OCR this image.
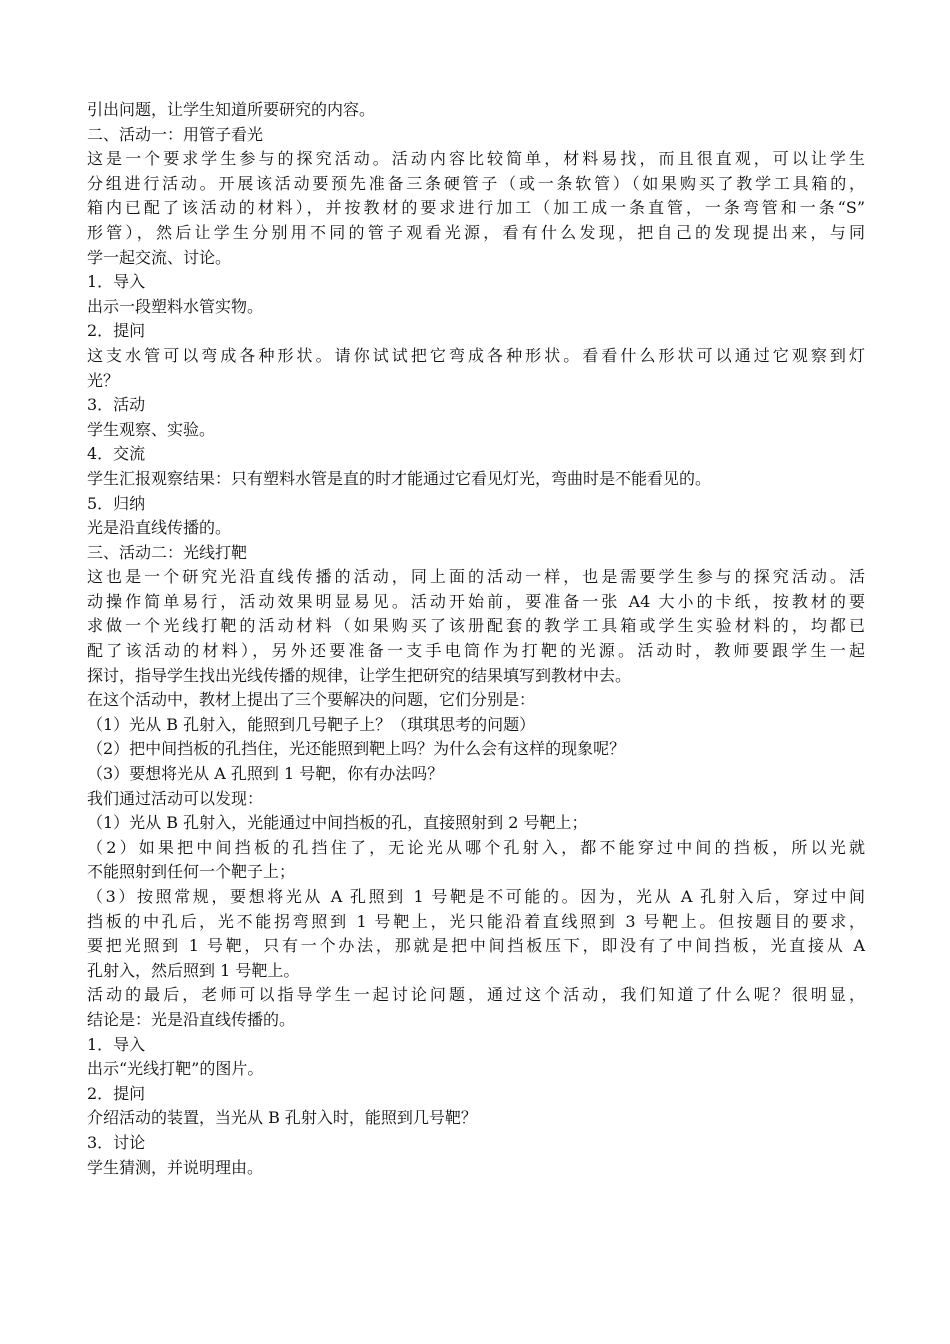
引出问题，让学生知道所要研究的内容。
二、活动一：用管子看光
这是一个要求学生参与的探究活动。活动内容比较简单，材料易找，而且很直观，可以让学生
分组进行活动。开展该活动要预先准备三条硬管子（或一条软管）（如果购买了教学工具箱的，
箱内已配了该活动的材料），并按教材的要求进行加工（加工成一条直管，一条弯管和一条“S”
形管），然后让学生分别用不同的管子观看光源，看有什么发现，把自己的发现提出来，与同
学一起交流、讨论。
1．导入
出示一段塑料水管实物。
2．提问
这支水管可以弯成各种形状。请你试试把它弯成各种形状。看看什么形状可以通过它观察到灯
光？
3．活动
学生观察、实验。
4．交流
学生汇报观察结果：只有塑料水管是直的时才能通过它看见灯光，弯曲时是不能看见的。
5．归纳
光是沿直线传播的。
三、活动二：光线打靶
这也是一个研究光沿直线传播的活动，同上面的活动一样，也是需要学生参与的探究活动。活
动操作简单易行，活动效果明显易见。活动开始前，要准备一张 A4 大小的卡纸，按教材的要
求做一个光线打靶的活动材料（如果购买了该册配套的教学工具箱或学生实验材料的，均都已
配了该活动的材料），另外还要准备一支手电筒作为打靶的光源。活动时，教师要跟学生一起
探讨，指导学生找出光线传播的规律，让学生把研究的结果填写到教材中去。
在这个活动中，教材上提出了三个要解决的问题，它们分别是：
（1）光从 B 孔射入，能照到几号靶子上？（琪琪思考的问题）
（2）把中间挡板的孔挡住，光还能照到靶上吗？为什么会有这样的现象呢？
（3）要想将光从 A 孔照到 1 号靶，你有办法吗？
我们通过活动可以发现：
（1）光从 B 孔射入，光能通过中间挡板的孔，直接照射到 2 号靶上；
（2）如果把中间挡板的孔挡住了，无论光从哪个孔射入，都不能穿过中间的挡板，所以光就
不能照射到任何一个靶子上；
（3）按照常规，要想将光从 A 孔照到 1 号靶是不可能的。因为，光从 A 孔射入后，穿过中间
挡板的中孔后，光不能拐弯照到 1 号靶上，光只能沿着直线照到 3 号靶上。但按题目的要求，
要把光照到 1 号靶，只有一个办法，那就是把中间挡板压下，即没有了中间挡板，光直接从 A
孔射入，然后照到 1 号靶上。
活动的最后，老师可以指导学生一起讨论问题，通过这个活动，我们知道了什么呢？很明显，
结论是：光是沿直线传播的。
1．导入
出示“光线打靶”的图片。
2．提问
介绍活动的装置，当光从 B 孔射入时，能照到几号靶？
3．讨论
学生猜测，并说明理由。
